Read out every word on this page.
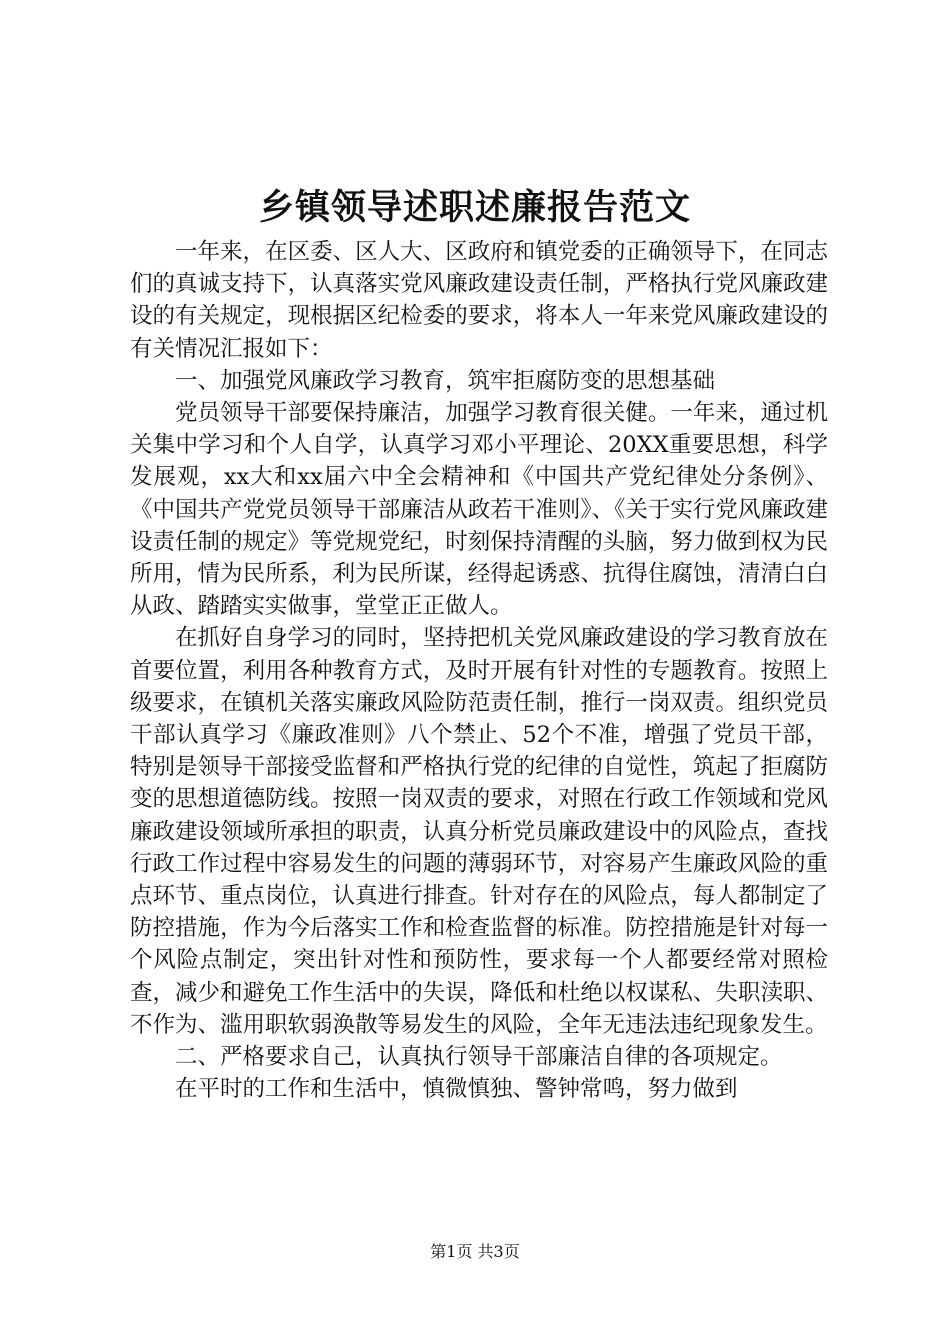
乡镇领导述职述廉报告范文

一年来，在区委、区人大、区政府和镇党委的正确领导下，在同志们的真诚支持下，认真落实党风廉政建设责任制，严格执行党风廉政建设的有关规定，现根据区纪检委的要求，将本人一年来党风廉政建设的有关情况汇报如下：

一、加强党风廉政学习教育，筑牢拒腐防变的思想基础

党员领导干部要保持廉洁，加强学习教育很关健。一年来，通过机关集中学习和个人自学，认真学习邓小平理论、20XX重要思想，科学发展观，xx大和xx届六中全会精神和《中国共产党纪律处分条例》、《中国共产党党员领导干部廉洁从政若干准则》、《关于实行党风廉政建设责任制的规定》等党规党纪，时刻保持清醒的头脑，努力做到权为民所用，情为民所系，利为民所谋，经得起诱惑、抗得住腐蚀，清清白白从政、踏踏实实做事，堂堂正正做人。

在抓好自身学习的同时，坚持把机关党风廉政建设的学习教育放在首要位置，利用各种教育方式，及时开展有针对性的专题教育。按照上级要求，在镇机关落实廉政风险防范责任制，推行一岗双责。组织党员干部认真学习《廉政准则》八个禁止、52个不准，增强了党员干部，特别是领导干部接受监督和严格执行党的纪律的自觉性，筑起了拒腐防变的思想道德防线。按照一岗双责的要求，对照在行政工作领域和党风廉政建设领域所承担的职责，认真分析党员廉政建设中的风险点，查找行政工作过程中容易发生的问题的薄弱环节，对容易产生廉政风险的重点环节、重点岗位，认真进行排查。针对存在的风险点，每人都制定了防控措施，作为今后落实工作和检查监督的标准。防控措施是针对每一个风险点制定，突出针对性和预防性，要求每一个人都要经常对照检查，减少和避免工作生活中的失误，降低和杜绝以权谋私、失职渎职、不作为、滥用职软弱涣散等易发生的风险，全年无违法违纪现象发生。

二、严格要求自己，认真执行领导干部廉洁自律的各项规定。

在平时的工作和生活中，慎微慎独、警钟常鸣，努力做到

第1页 共3页
